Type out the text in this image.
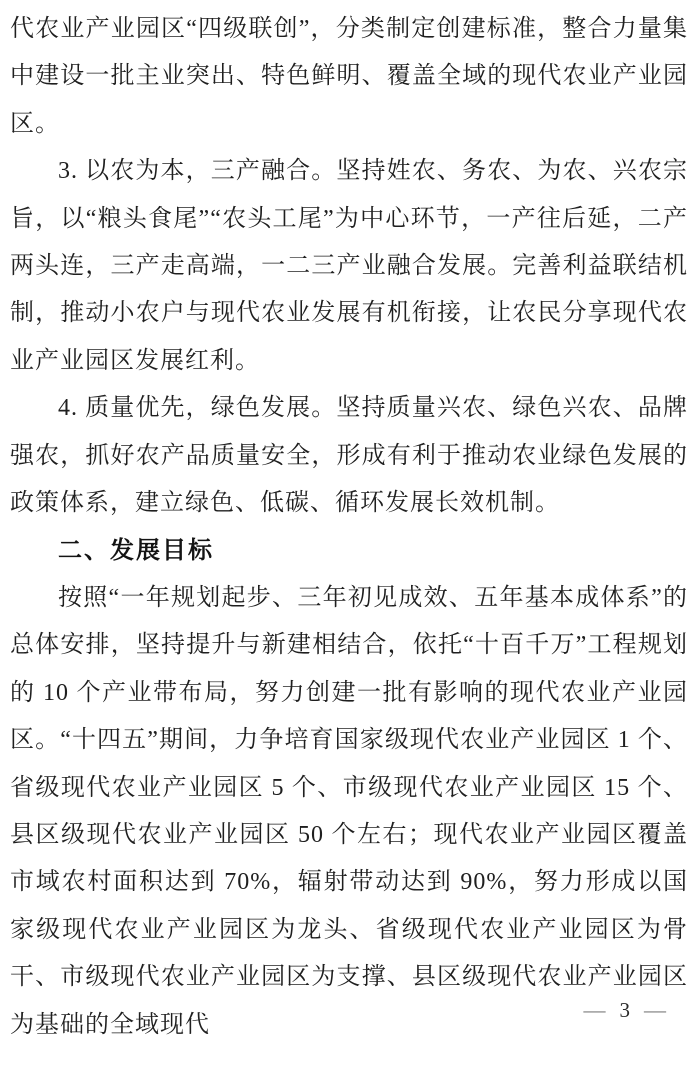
代农业产业园区“四级联创”，分类制定创建标准，整合力量集中建设一批主业突出、特色鲜明、覆盖全域的现代农业产业园区。

3. 以农为本，三产融合。坚持姓农、务农、为农、兴农宗旨，以“粮头食尾”“农头工尾”为中心环节，一产往后延，二产两头连，三产走高端，一二三产业融合发展。完善利益联结机制，推动小农户与现代农业发展有机衔接，让农民分享现代农业产业园区发展红利。

4. 质量优先，绿色发展。坚持质量兴农、绿色兴农、品牌强农，抓好农产品质量安全，形成有利于推动农业绿色发展的政策体系，建立绿色、低碳、循环发展长效机制。

二、发展目标

按照“一年规划起步、三年初见成效、五年基本成体系”的总体安排，坚持提升与新建相结合，依托“十百千万”工程规划的 10 个产业带布局，努力创建一批有影响的现代农业产业园区。“十四五”期间，力争培育国家级现代农业产业园区 1 个、省级现代农业产业园区 5 个、市级现代农业产业园区 15 个、县区级现代农业产业园区 50 个左右；现代农业产业园区覆盖市域农村面积达到 70%，辐射带动达到 90%，努力形成以国家级现代农业产业园区为龙头、省级现代农业产业园区为骨干、市级现代农业产业园区为支撑、县区级现代农业产业园区为基础的全域现代

— 3 —
